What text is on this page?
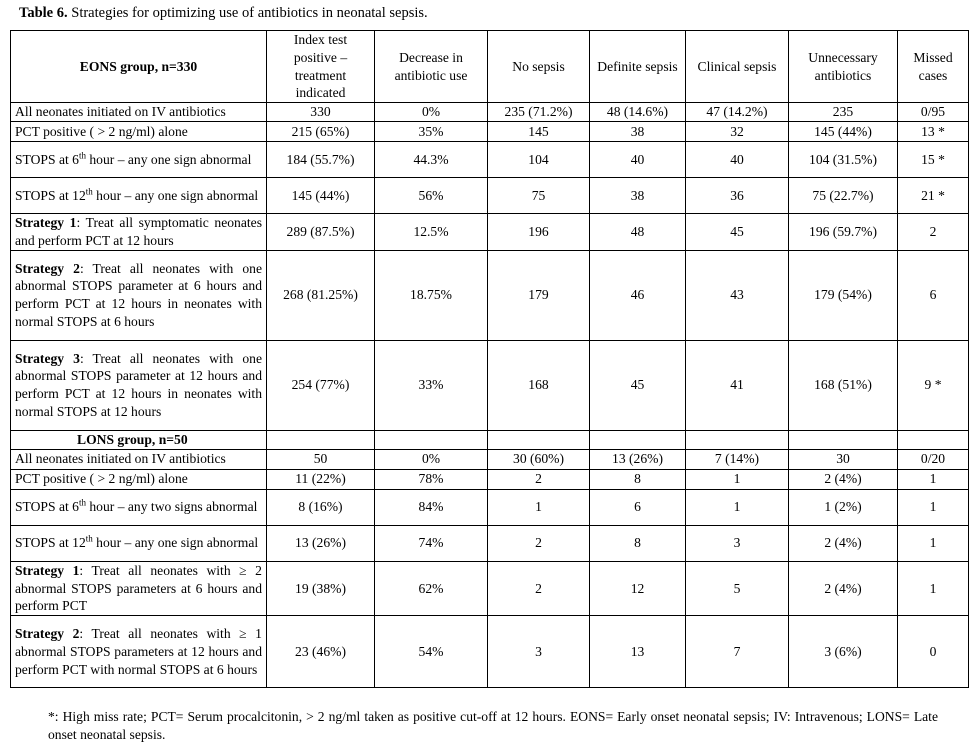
Table 6. Strategies for optimizing use of antibiotics in neonatal sepsis.
EONS group, n=330	Index test positive – treatment indicated	Decrease in antibiotic use	No sepsis	Definite sepsis	Clinical sepsis	Unnecessary antibiotics	Missed cases
All neonates initiated on IV antibiotics	330	0%	235 (71.2%)	48 (14.6%)	47 (14.2%)	235	0/95
PCT positive ( > 2 ng/ml) alone	215 (65%)	35%	145	38	32	145 (44%)	13 *
STOPS at 6th hour – any one sign abnormal	184 (55.7%)	44.3%	104	40	40	104 (31.5%)	15 *
STOPS at 12th hour – any one sign abnormal	145 (44%)	56%	75	38	36	75 (22.7%)	21 *
Strategy 1: Treat all symptomatic neonates and perform PCT at 12 hours	289 (87.5%)	12.5%	196	48	45	196 (59.7%)	2
Strategy 2: Treat all neonates with one abnormal STOPS parameter at 6 hours and perform PCT at 12 hours in neonates with normal STOPS at 6 hours	268 (81.25%)	18.75%	179	46	43	179 (54%)	6
Strategy 3: Treat all neonates with one abnormal STOPS parameter at 12 hours and perform PCT at 12 hours in neonates with normal STOPS at 12 hours	254 (77%)	33%	168	45	41	168 (51%)	9 *
LONS group, n=50							
All neonates initiated on IV antibiotics	50	0%	30 (60%)	13 (26%)	7 (14%)	30	0/20
PCT positive ( > 2 ng/ml) alone	11 (22%)	78%	2	8	1	2 (4%)	1
STOPS at 6th hour – any two signs abnormal	8 (16%)	84%	1	6	1	1 (2%)	1
STOPS at 12th hour – any one sign abnormal	13 (26%)	74%	2	8	3	2 (4%)	1
Strategy 1: Treat all neonates with ≥ 2 abnormal STOPS parameters at 6 hours and perform PCT	19 (38%)	62%	2	12	5	2 (4%)	1
Strategy 2: Treat all neonates with ≥ 1 abnormal STOPS parameters at 12 hours and perform PCT with normal STOPS at 6 hours	23 (46%)	54%	3	13	7	3 (6%)	0
*: High miss rate; PCT= Serum procalcitonin, > 2 ng/ml taken as positive cut-off at 12 hours. EONS= Early onset neonatal sepsis; IV: Intravenous; LONS= Late onset neonatal sepsis.
